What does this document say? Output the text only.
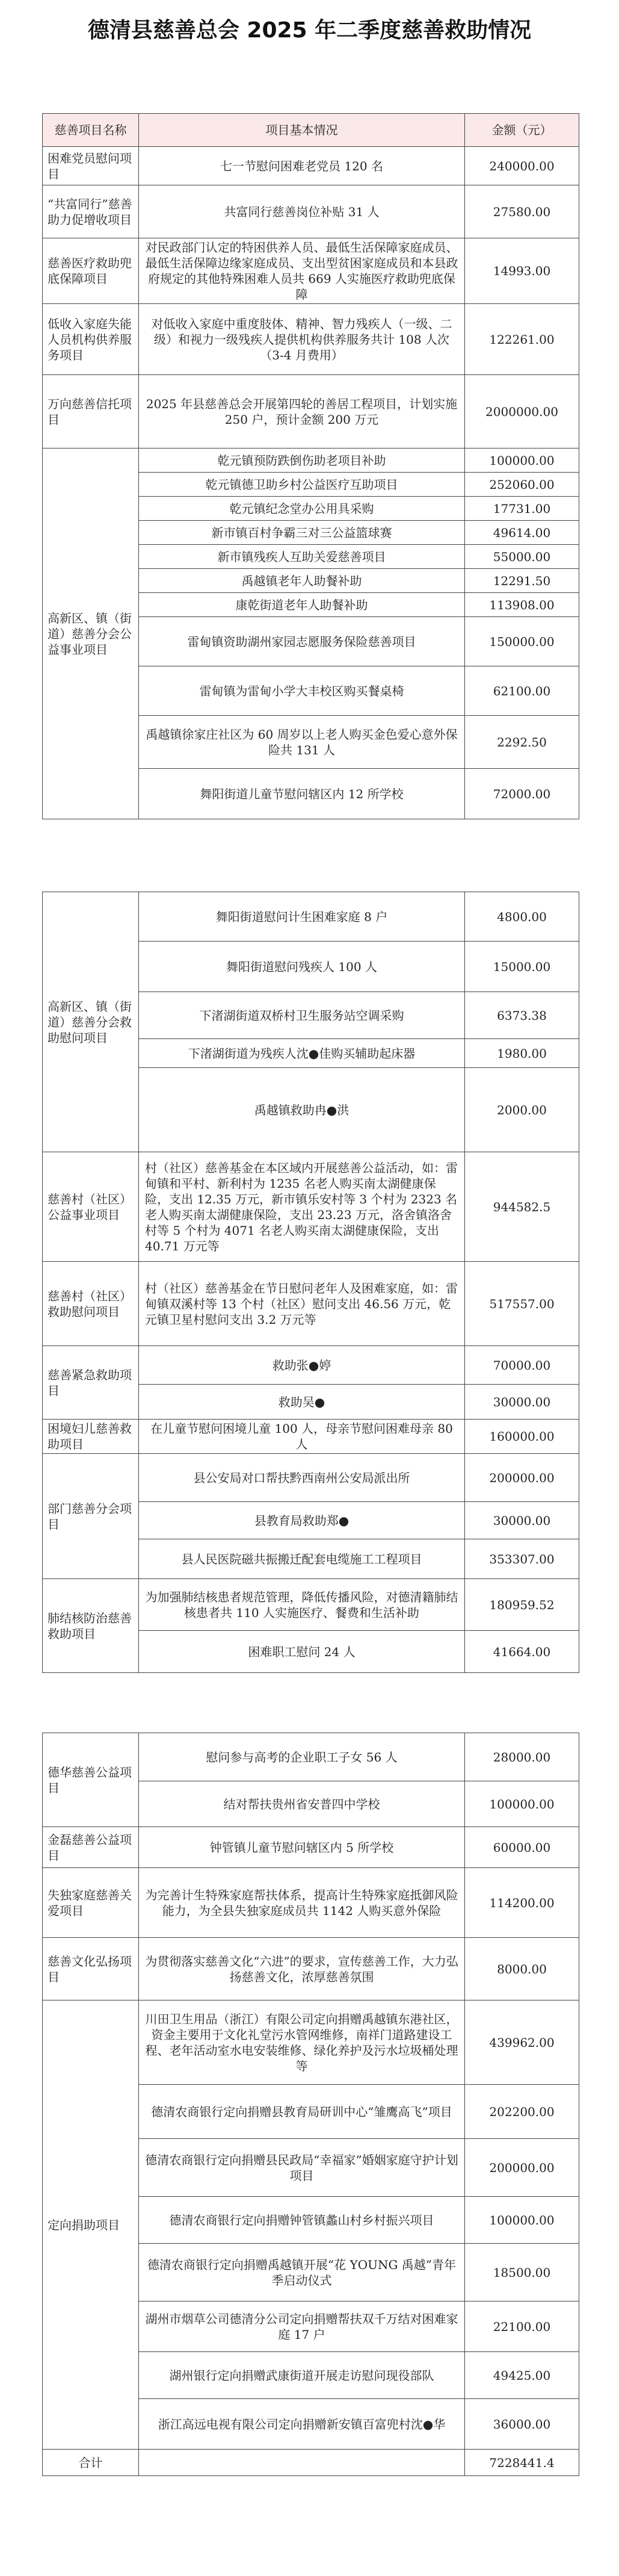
德清县慈善总会 2025 年二季度慈善救助情况
慈善项目名称	项目基本情况	金额（元）
困难党员慰问项目	七一节慰问困难老党员 120 名	240000.00
“共富同行”慈善助力促增收项目	共富同行慈善岗位补贴 31 人	27580.00
慈善医疗救助兜底保障项目	对民政部门认定的特困供养人员、最低生活保障家庭成员、最低生活保障边缘家庭成员、支出型贫困家庭成员和本县政府规定的其他特殊困难人员共 669 人实施医疗救助兜底保障	14993.00
低收入家庭失能人员机构供养服务项目	对低收入家庭中重度肢体、精神、智力残疾人（一级、二级）和视力一级残疾人提供机构供养服务共计 108 人次（3-4 月费用）	122261.00
万向慈善信托项目	2025 年县慈善总会开展第四轮的善居工程项目，计划实施 250 户，预计金额 200 万元	2000000.00
高新区、镇（街道）慈善分会公益事业项目	乾元镇预防跌倒伤助老项目补助	100000.00
	乾元镇德卫助乡村公益医疗互助项目	252060.00
	乾元镇纪念堂办公用具采购	17731.00
	新市镇百村争霸三对三公益篮球赛	49614.00
	新市镇残疾人互助关爱慈善项目	55000.00
	禹越镇老年人助餐补助	12291.50
	康乾街道老年人助餐补助	113908.00
	雷甸镇资助湖州家园志愿服务保险慈善项目	150000.00
	雷甸镇为雷甸小学大丰校区购买餐桌椅	62100.00
	禹越镇徐家庄社区为 60 周岁以上老人购买金色爱心意外保险共 131 人	2292.50
	舞阳街道儿童节慰问辖区内 12 所学校	72000.00
高新区、镇（街道）慈善分会救助慰问项目	舞阳街道慰问计生困难家庭 8 户	4800.00
	舞阳街道慰问残疾人 100 人	15000.00
	下渚湖街道双桥村卫生服务站空调采购	6373.38
	下渚湖街道为残疾人沈●佳购买辅助起床器	1980.00
	禹越镇救助冉●洪	2000.00
慈善村（社区）公益事业项目	村（社区）慈善基金在本区域内开展慈善公益活动，如：雷甸镇和平村、新利村为 1235 名老人购买南太湖健康保险，支出 12.35 万元，新市镇乐安村等 3 个村为 2323 名老人购买南太湖健康保险，支出 23.23 万元，洛舍镇洛舍村等 5 个村为 4071 名老人购买南太湖健康保险，支出 40.71 万元等	944582.5
慈善村（社区）救助慰问项目	村（社区）慈善基金在节日慰问老年人及困难家庭，如：雷甸镇双溪村等 13 个村（社区）慰问支出 46.56 万元，乾元镇卫星村慰问支出 3.2 万元等	517557.00
慈善紧急救助项目	救助张●婷	70000.00
	救助吴●	30000.00
困境妇儿慈善救助项目	在儿童节慰问困境儿童 100 人，母亲节慰问困难母亲 80 人	160000.00
部门慈善分会项目	县公安局对口帮扶黔西南州公安局派出所	200000.00
	县教育局救助郑●	30000.00
	县人民医院磁共振搬迁配套电缆施工工程项目	353307.00
肺结核防治慈善救助项目	为加强肺结核患者规范管理，降低传播风险，对德清籍肺结核患者共 110 人实施医疗、餐费和生活补助	180959.52
	困难职工慰问 24 人	41664.00
德华慈善公益项目	慰问参与高考的企业职工子女 56 人	28000.00
	结对帮扶贵州省安普四中学校	100000.00
金磊慈善公益项目	钟管镇儿童节慰问辖区内 5 所学校	60000.00
失独家庭慈善关爱项目	为完善计生特殊家庭帮扶体系，提高计生特殊家庭抵御风险能力，为全县失独家庭成员共 1142 人购买意外保险	114200.00
慈善文化弘扬项目	为贯彻落实慈善文化“六进”的要求，宣传慈善工作，大力弘扬慈善文化，浓厚慈善氛围	8000.00
定向捐助项目	川田卫生用品（浙江）有限公司定向捐赠禹越镇东港社区，资金主要用于文化礼堂污水管网维修，南祥门道路建设工程、老年活动室水电安装维修、绿化养护及污水垃圾桶处理等	439962.00
	德清农商银行定向捐赠县教育局研训中心“雏鹰高飞”项目	202200.00
	德清农商银行定向捐赠县民政局“幸福家”婚姻家庭守护计划项目	200000.00
	德清农商银行定向捐赠钟管镇蠡山村乡村振兴项目	100000.00
	德清农商银行定向捐赠禹越镇开展“花 YOUNG 禹越”青年季启动仪式	18500.00
	湖州市烟草公司德清分公司定向捐赠帮扶双千万结对困难家庭 17 户	22100.00
	湖州银行定向捐赠武康街道开展走访慰问现役部队	49425.00
	浙江高远电视有限公司定向捐赠新安镇百富兜村沈●华	36000.00
合计		7228441.4
